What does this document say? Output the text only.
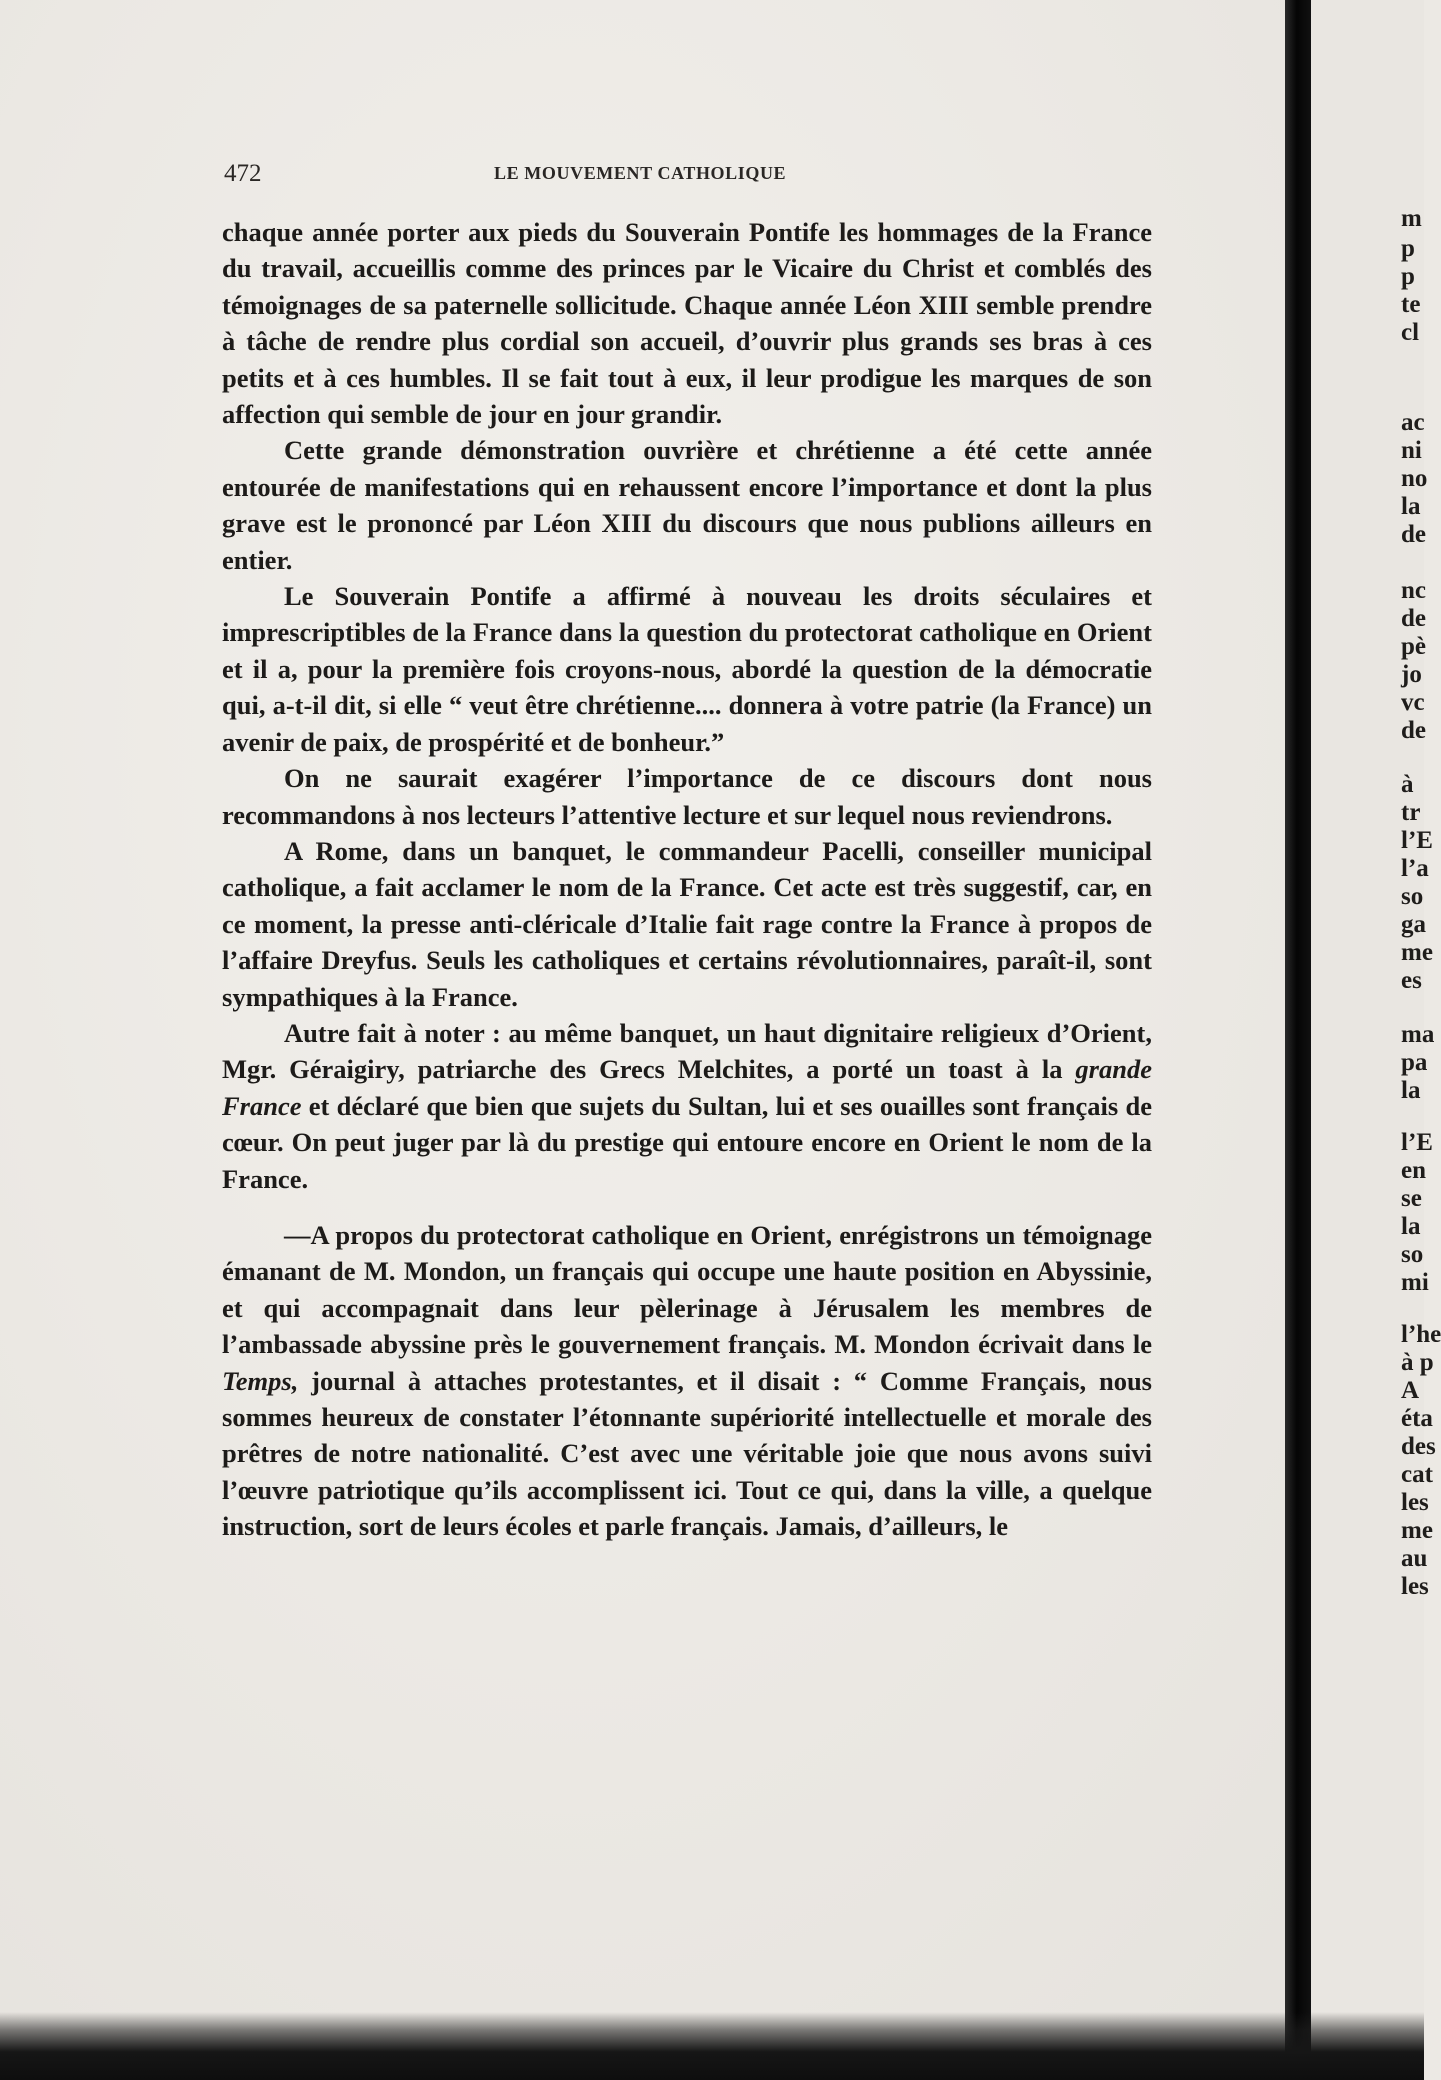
472	LE MOUVEMENT CATHOLIQUE

chaque année porter aux pieds du Souverain Pontife les hommages de la France du travail, accueillis comme des princes par le Vicaire du Christ et comblés des témoignages de sa paternelle sollicitude. Chaque année Léon XIII semble prendre à tâche de rendre plus cordial son accueil, d’ouvrir plus grands ses bras à ces petits et à ces humbles. Il se fait tout à eux, il leur prodigue les marques de son affection qui semble de jour en jour grandir.

Cette grande démonstration ouvrière et chrétienne a été cette année entourée de manifestations qui en rehaussent encore l’importance et dont la plus grave est le prononcé par Léon XIII du discours que nous publions ailleurs en entier.

Le Souverain Pontife a affirmé à nouveau les droits séculaires et imprescriptibles de la France dans la question du protectorat catholique en Orient et il a, pour la première fois croyons-nous, abordé la question de la démocratie qui, a-t-il dit, si elle “ veut être chrétienne.... donnera à votre patrie (la France) un avenir de paix, de prospérité et de bonheur.”

On ne saurait exagérer l’importance de ce discours dont nous recommandons à nos lecteurs l’attentive lecture et sur lequel nous reviendrons.

A Rome, dans un banquet, le commandeur Pacelli, conseiller municipal catholique, a fait acclamer le nom de la France. Cet acte est très suggestif, car, en ce moment, la presse anti-cléricale d’Italie fait rage contre la France à propos de l’affaire Dreyfus. Seuls les catholiques et certains révolutionnaires, paraît-il, sont sympathiques à la France.

Autre fait à noter : au même banquet, un haut dignitaire religieux d’Orient, Mgr. Géraigiry, patriarche des Grecs Melchites, a porté un toast à la grande France et déclaré que bien que sujets du Sultan, lui et ses ouailles sont français de cœur. On peut juger par là du prestige qui entoure encore en Orient le nom de la France.

—A propos du protectorat catholique en Orient, enrégistrons un témoignage émanant de M. Mondon, un français qui occupe une haute position en Abyssinie, et qui accompagnait dans leur pèlerinage à Jérusalem les membres de l’ambassade abyssine près le gouvernement français. M. Mondon écrivait dans le Temps, journal à attaches protestantes, et il disait : “ Comme Français, nous sommes heureux de constater l’étonnante supériorité intellectuelle et morale des prêtres de notre nationalité. C’est avec une véritable joie que nous avons suivi l’œuvre patriotique qu’ils accomplissent ici. Tout ce qui, dans la ville, a quelque instruction, sort de leurs écoles et parle français. Jamais, d’ailleurs, le

m
p
p
te
cl
ac
ni
no
la
de
nc
de
pè
jo
vc
de
à
tr
l’E
l’a
so
ga
me
es
ma
pa
la
l’E
en
se
la
so
mi
l’he
à p
A
éta
des
cat
les
me
au
les
